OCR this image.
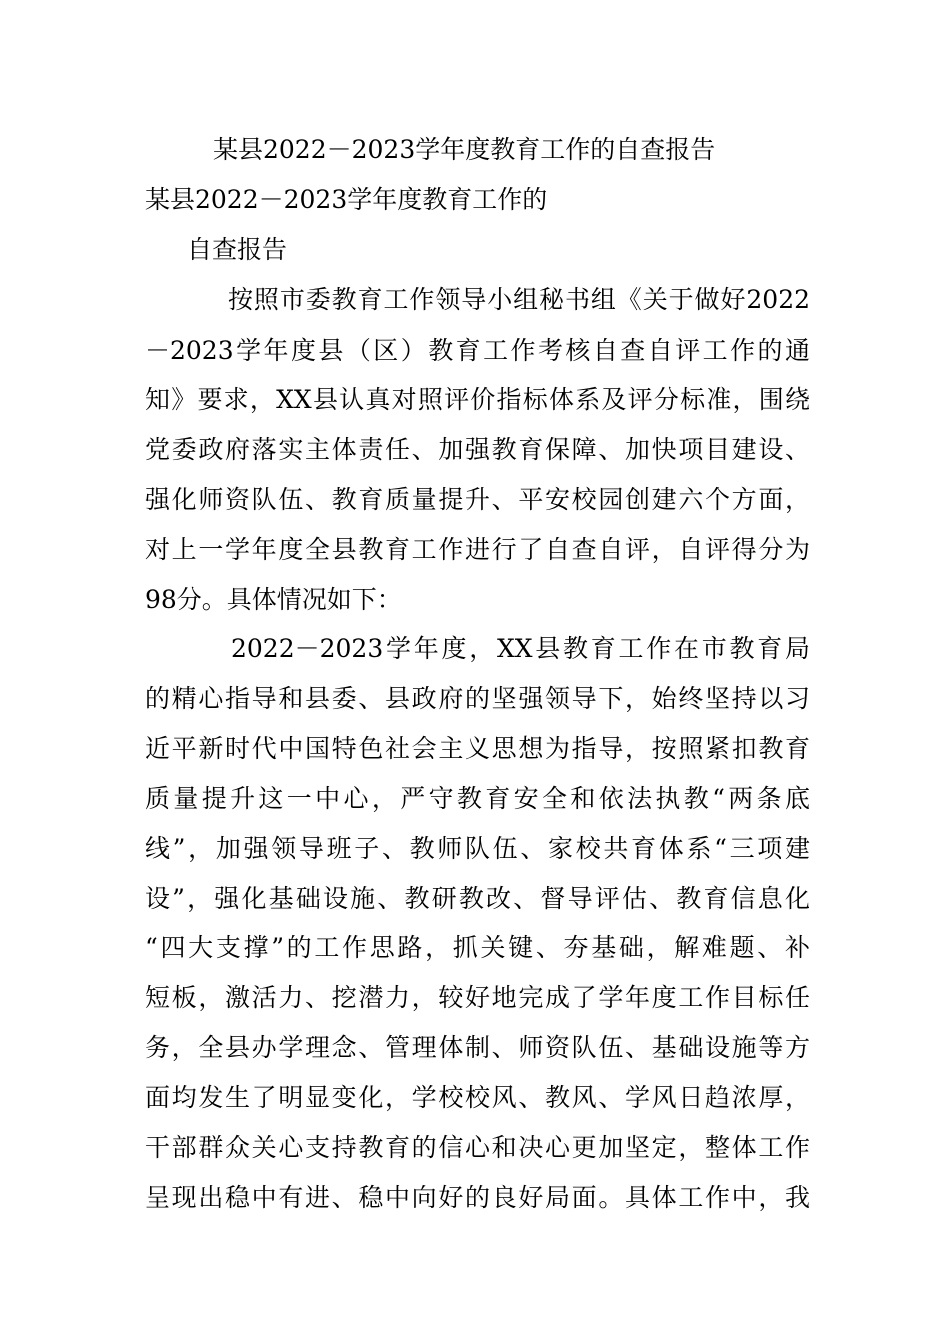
某县2022－2023学年度教育工作的自查报告
某县2022－2023学年度教育工作的
自查报告
按照市委教育工作领导小组秘书组《关于做好2022
－2023学年度县（区）教育工作考核自查自评工作的通
知》要求，XX县认真对照评价指标体系及评分标准，围绕
党委政府落实主体责任、加强教育保障、加快项目建设、
强化师资队伍、教育质量提升、平安校园创建六个方面，
对上一学年度全县教育工作进行了自查自评，自评得分为
98分。具体情况如下：
2022－2023学年度，XX县教育工作在市教育局
的精心指导和县委、县政府的坚强领导下，始终坚持以习
近平新时代中国特色社会主义思想为指导，按照紧扣教育
质量提升这一中心，严守教育安全和依法执教“两条底
线”，加强领导班子、教师队伍、家校共育体系“三项建
设”，强化基础设施、教研教改、督导评估、教育信息化
“四大支撑”的工作思路，抓关键、夯基础，解难题、补
短板，激活力、挖潜力，较好地完成了学年度工作目标任
务，全县办学理念、管理体制、师资队伍、基础设施等方
面均发生了明显变化，学校校风、教风、学风日趋浓厚，
干部群众关心支持教育的信心和决心更加坚定，整体工作
呈现出稳中有进、稳中向好的良好局面。具体工作中，我
